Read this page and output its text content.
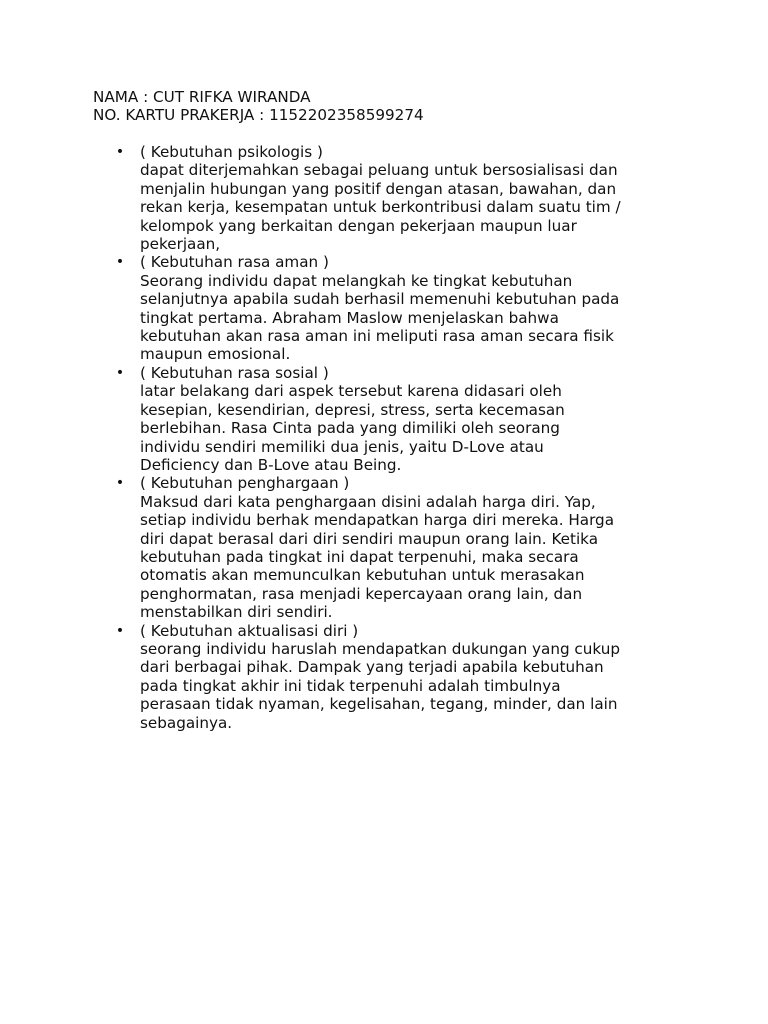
NAMA : CUT RIFKA WIRANDA
NO. KARTU PRAKERJA : 1152202358599274
• ( Kebutuhan psikologis )
dapat diterjemahkan sebagai peluang untuk bersosialisasi dan
menjalin hubungan yang positif dengan atasan, bawahan, dan
rekan kerja, kesempatan untuk berkontribusi dalam suatu tim /
kelompok yang berkaitan dengan pekerjaan maupun luar
pekerjaan,
• ( Kebutuhan rasa aman )
Seorang individu dapat melangkah ke tingkat kebutuhan
selanjutnya apabila sudah berhasil memenuhi kebutuhan pada
tingkat pertama. Abraham Maslow menjelaskan bahwa
kebutuhan akan rasa aman ini meliputi rasa aman secara fisik
maupun emosional.
• ( Kebutuhan rasa sosial )
latar belakang dari aspek tersebut karena didasari oleh
kesepian, kesendirian, depresi, stress, serta kecemasan
berlebihan. Rasa Cinta pada yang dimiliki oleh seorang
individu sendiri memiliki dua jenis, yaitu D-Love atau
Deficiency dan B-Love atau Being.
• ( Kebutuhan penghargaan )
Maksud dari kata penghargaan disini adalah harga diri. Yap,
setiap individu berhak mendapatkan harga diri mereka. Harga
diri dapat berasal dari diri sendiri maupun orang lain. Ketika
kebutuhan pada tingkat ini dapat terpenuhi, maka secara
otomatis akan memunculkan kebutuhan untuk merasakan
penghormatan, rasa menjadi kepercayaan orang lain, dan
menstabilkan diri sendiri.
• ( Kebutuhan aktualisasi diri )
seorang individu haruslah mendapatkan dukungan yang cukup
dari berbagai pihak. Dampak yang terjadi apabila kebutuhan
pada tingkat akhir ini tidak terpenuhi adalah timbulnya
perasaan tidak nyaman, kegelisahan, tegang, minder, dan lain
sebagainya.
